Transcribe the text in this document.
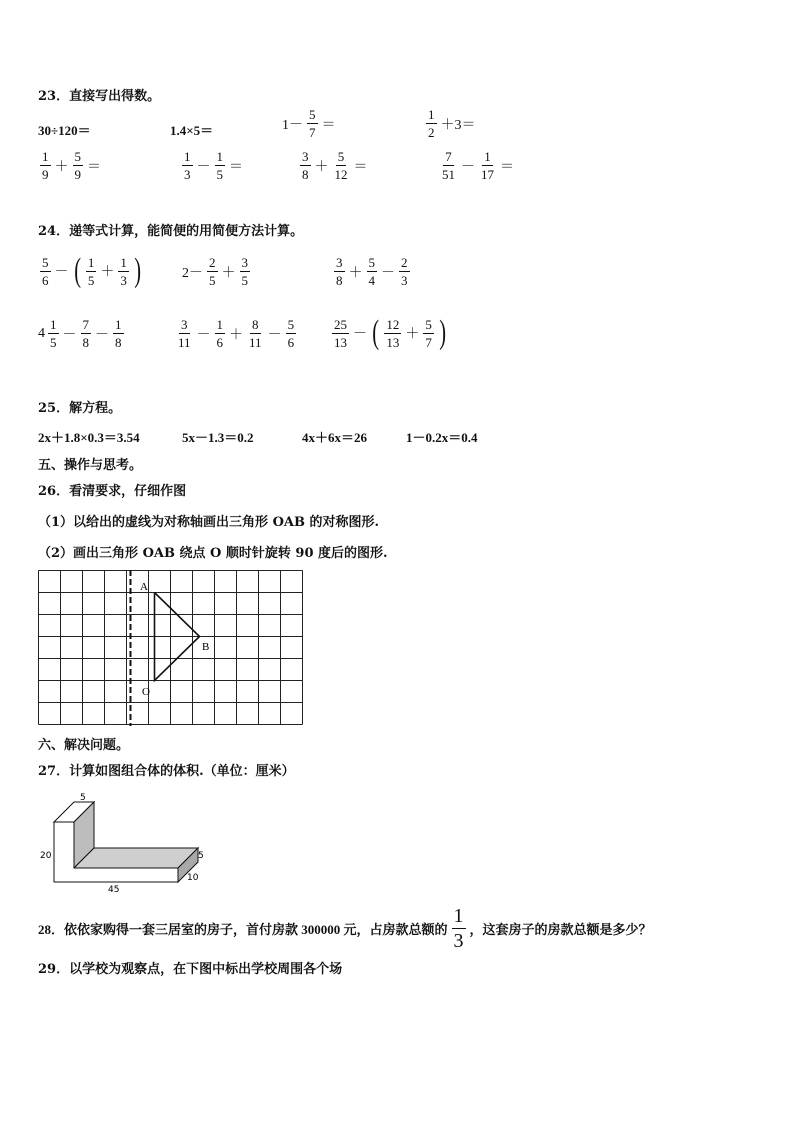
23．直接写出得数。
30÷120＝	1.4×5＝	$1- \frac{5}{7}$ ＝	$\frac{1}{2} +3=$
$\frac{1}{9} + \frac{5}{9}$ ＝	$\frac{1}{3} - \frac{1}{5}$ ＝	$\frac{3}{8} + \frac{5}{12}$ ＝	$\frac{7}{51} - \frac{1}{17}$ ＝
24．递等式计算，能简便的用简便方法计算。
$\frac{5}{6}$ － ( $\frac{1}{5} + \frac{1}{3}$ )	$2- \frac{2}{5} + \frac{3}{5}$	$\frac{3}{8} + \frac{5}{4} - \frac{2}{3}$
$4 \frac{1}{5} - \frac{7}{8} - \frac{1}{8}$	$\frac{3}{11} - \frac{1}{6} + \frac{8}{11} - \frac{5}{6}$	$\frac{25}{13}$ － ( $\frac{12}{13} + \frac{5}{7}$ )
25．解方程。
2x＋1.8×0.3＝3.54	5x－1.3＝0.2	4x＋6x＝26	1－0.2x＝0.4
五、操作与思考。
26．看清要求，仔细作图
（1）以给出的虚线为对称轴画出三角形 OAB 的对称图形.
（2）画出三角形 OAB 绕点 O 顺时针旋转 90 度后的图形.
A
B
O
六、解决问题。
27．计算如图组合体的体积.（单位：厘米）
5
20
45
5
10
28．依依家购得一套三居室的房子，首付房款 300000 元，占房款总额的 $\frac{1}{3}$ ，这套房子的房款总额是多少？
29．以学校为观察点，在下图中标出学校周围各个场
